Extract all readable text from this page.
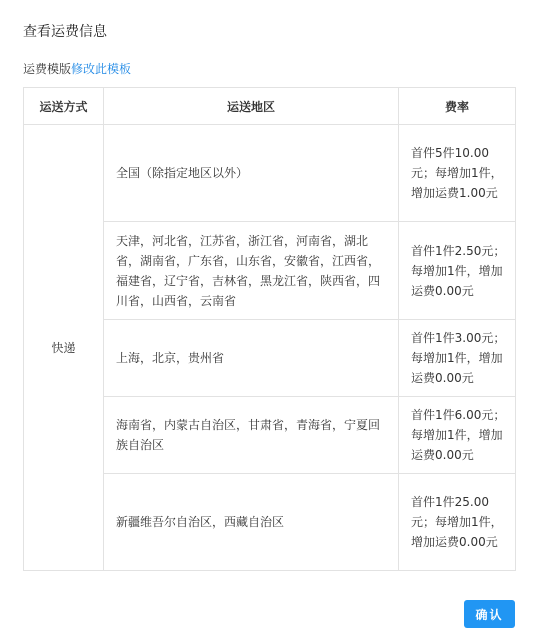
查看运费信息
运费模版修改此模板
运送方式	运送地区	费率
快递	全国（除指定地区以外）	首件5件10.00元；每增加1件，增加运费1.00元
	天津，河北省，江苏省，浙江省，河南省，湖北省，湖南省，广东省，山东省，安徽省，江西省，福建省，辽宁省，吉林省，黑龙江省，陕西省，四川省，山西省，云南省	首件1件2.50元；每增加1件，增加运费0.00元
	上海，北京，贵州省	首件1件3.00元；每增加1件，增加运费0.00元
	海南省，内蒙古自治区，甘肃省，青海省，宁夏回族自治区	首件1件6.00元；每增加1件，增加运费0.00元
	新疆维吾尔自治区，西藏自治区	首件1件25.00元；每增加1件，增加运费0.00元
确认
